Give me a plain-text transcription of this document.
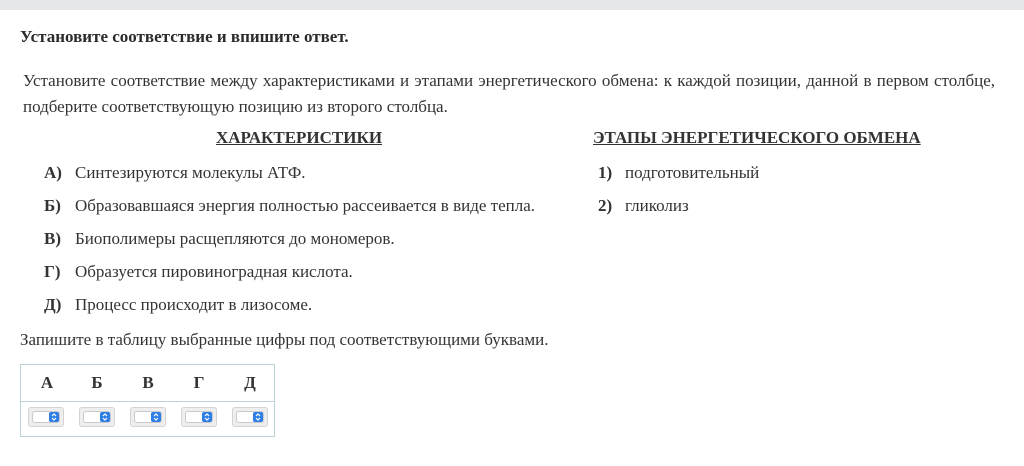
Установите соответствие и впишите ответ.
Установите соответствие между характеристиками и этапами энергетического обмена: к каждой позиции, данной в первом столбце, подберите соответствующую позицию из второго столбца.
ХАРАКТЕРИСТИКИ	ЭТАПЫ ЭНЕРГЕТИЧЕСКОГО ОБМЕНА
А) Синтезируются молекулы АТФ.
Б) Образовавшаяся энергия полностью рассеивается в виде тепла.
В) Биополимеры расщепляются до мономеров.
Г) Образуется пировиноградная кислота.
Д) Процесс происходит в лизосоме.
1) подготовительный
2) гликолиз
Запишите в таблицу выбранные цифры под соответствующими буквами.
А	Б	В	Г	Д
